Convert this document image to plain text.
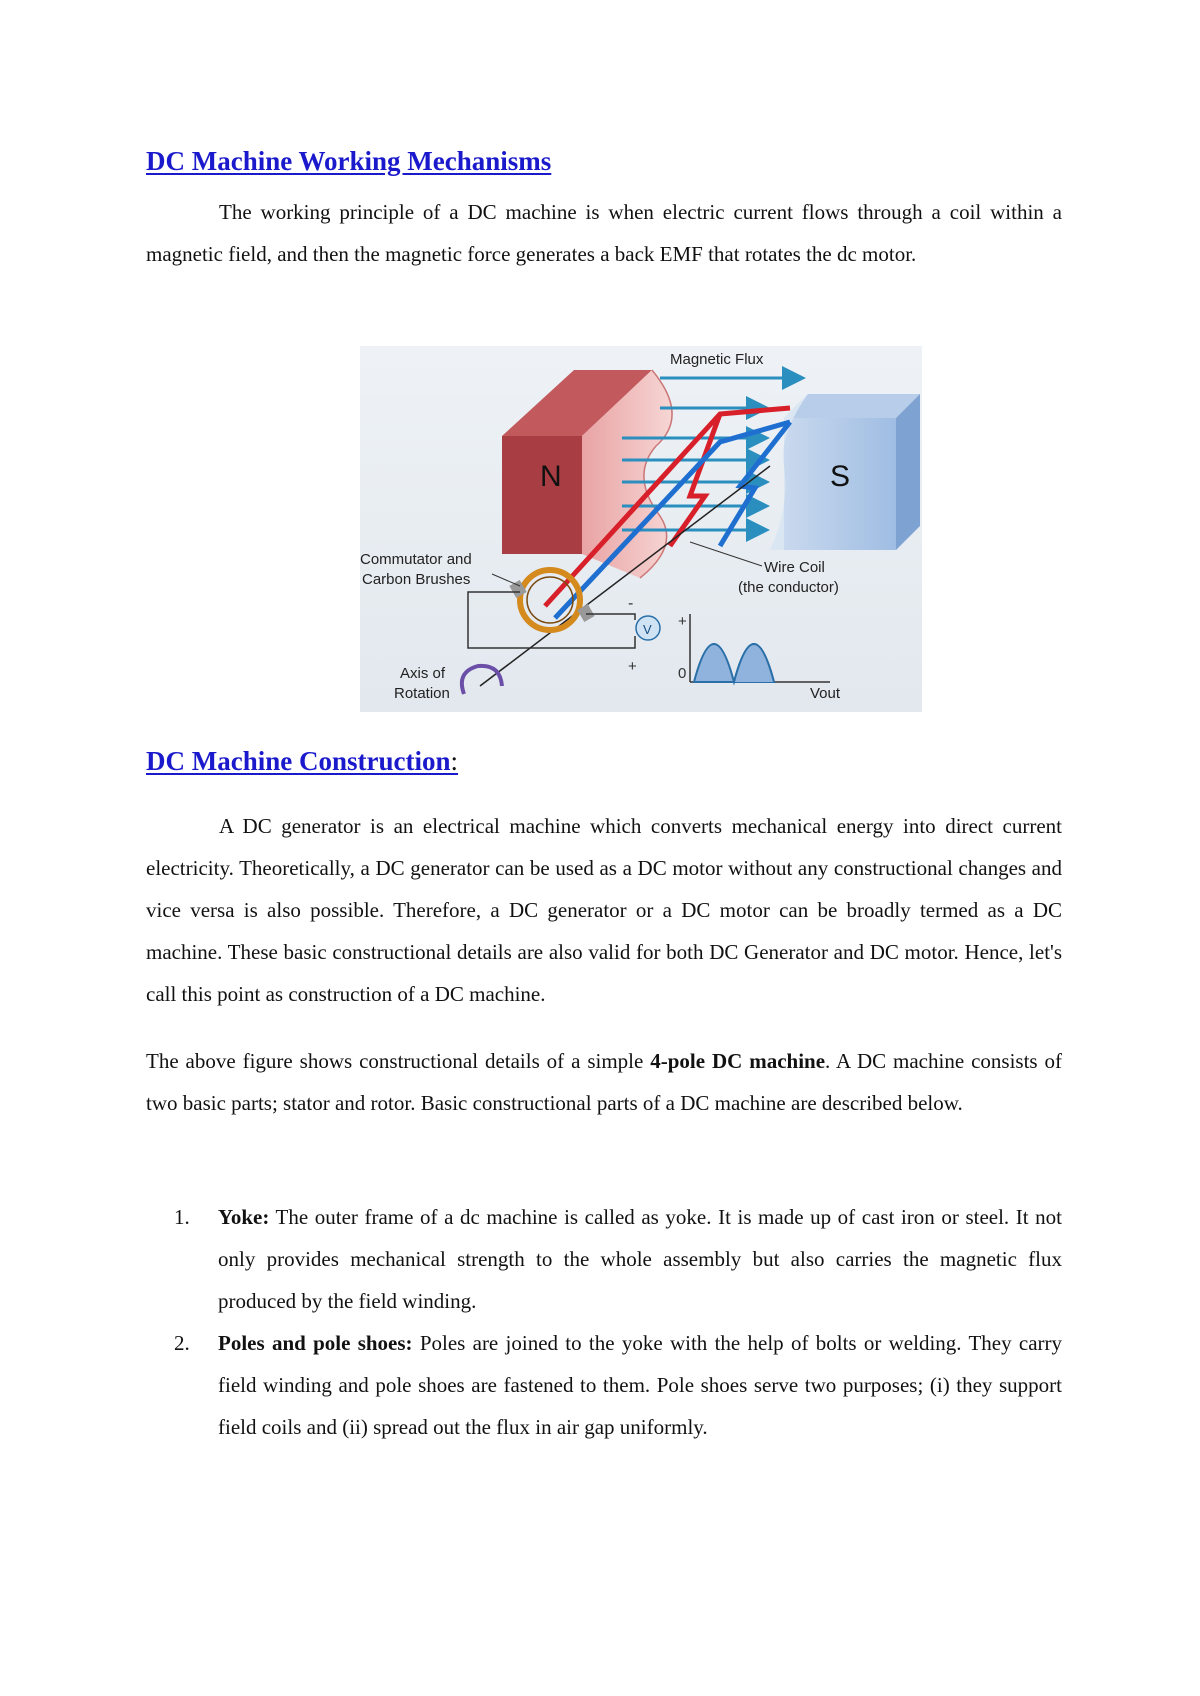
DC Machine Working Mechanisms

The working principle of a DC machine is when electric current flows through a coil within a magnetic field, and then the magnetic force generates a back EMF that rotates the dc motor.

N	S
Magnetic Flux
V
-
+
Commutator and
Carbon Brushes
Wire Coil
(the conductor)
Axis of
Rotation
+
0
Vout
DC Machine Construction:

A DC generator is an electrical machine which converts mechanical energy into direct current electricity. Theoretically, a DC generator can be used as a DC motor without any constructional changes and vice versa is also possible. Therefore, a DC generator or a DC motor can be broadly termed as a DC machine. These basic constructional details are also valid for both DC Generator and DC motor. Hence, let's call this point as construction of a DC machine.

The above figure shows constructional details of a simple 4-pole DC machine. A DC machine consists of two basic parts; stator and rotor. Basic constructional parts of a DC machine are described below.

1. Yoke: The outer frame of a dc machine is called as yoke. It is made up of cast iron or steel. It not only provides mechanical strength to the whole assembly but also carries the magnetic flux produced by the field winding.
2. Poles and pole shoes: Poles are joined to the yoke with the help of bolts or welding. They carry field winding and pole shoes are fastened to them. Pole shoes serve two purposes; (i) they support field coils and (ii) spread out the flux in air gap uniformly.
